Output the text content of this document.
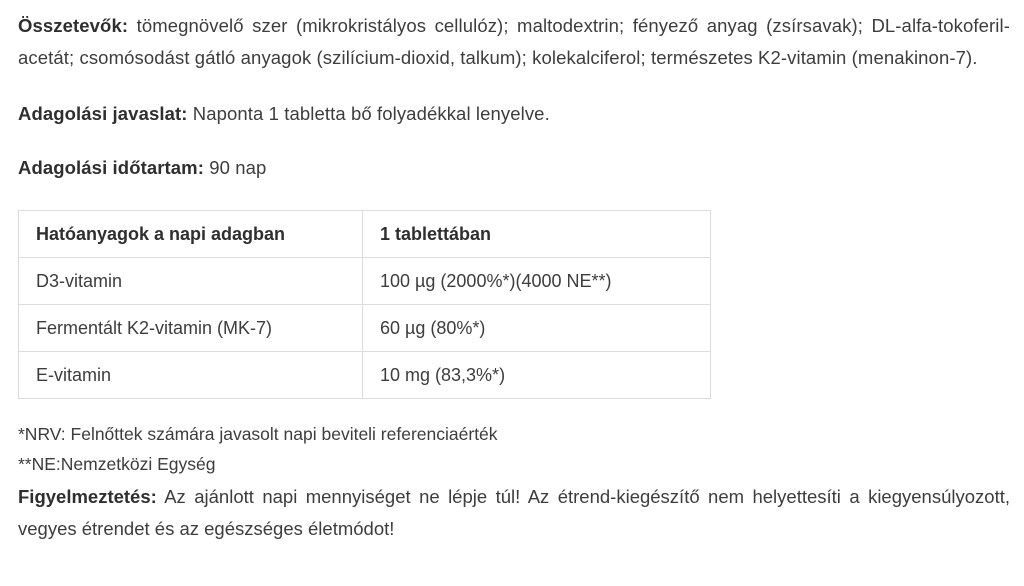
Összetevők: tömegnövelő szer (mikrokristályos cellulóz); maltodextrin; fényező anyag (zsírsavak); DL-alfa-tokoferil-acetát; csomósodást gátló anyagok (szilícium-dioxid, talkum); kolekalciferol; természetes K2-vitamin (menakinon-7).

Adagolási javaslat: Naponta 1 tabletta bő folyadékkal lenyelve.

Adagolási időtartam: 90 nap

Hatóanyagok a napi adagban	1 tablettában
D3-vitamin	100 µg (2000%*)(4000 NE**)
Fermentált K2-vitamin (MK-7)	60 µg (80%*)
E-vitamin	10 mg (83,3%*)

*NRV: Felnőttek számára javasolt napi beviteli referenciaérték

**NE:Nemzetközi Egység

Figyelmeztetés: Az ajánlott napi mennyiséget ne lépje túl! Az étrend-kiegészítő nem helyettesíti a kiegyensúlyozott, vegyes étrendet és az egészséges életmódot!
